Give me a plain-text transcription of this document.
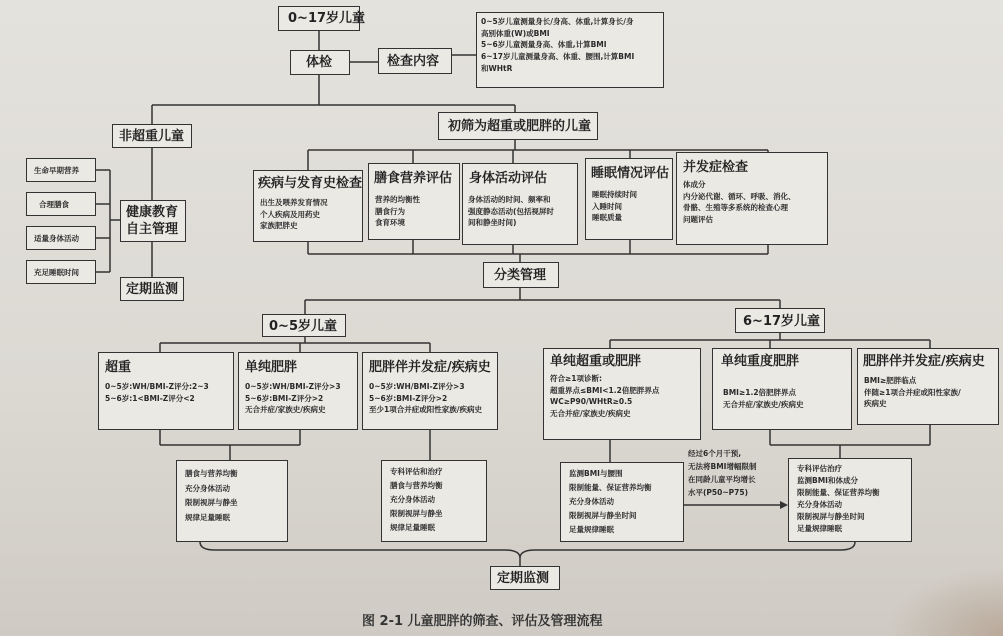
0~17岁儿童
体检	检查内容
0~5岁儿童测量身长/身高、体重,计算身长/身
高别体重(W)或BMI
5~6岁儿童测量身高、体重,计算BMI
6~17岁儿童测量身高、体重、腰围,计算BMI
和WHtR
非超重儿童
初筛为超重或肥胖的儿童
生命早期营养
合理膳食
适量身体活动
充足睡眠时间
健康教育
自主管理
定期监测
疾病与发育史检查
出生及喂养发育情况
个人疾病及用药史
家族肥胖史
膳食营养评估
营养的均衡性
膳食行为
食育环境
身体活动评估
身体活动的时间、频率和
强度静态活动(包括视屏时
间和静坐时间)
睡眠情况评估
睡眠持续时间
入睡时间
睡眠质量
并发症检查
体成分
内分泌代谢、循环、呼吸、消化、
骨骼、生殖等多系统的检查心理
问题评估
分类管理
0~5岁儿童	6~17岁儿童
超重
0~5岁:WH/BMI-Z评分:2~3
5~6岁:1<BMI-Z评分<2
单纯肥胖
0~5岁:WH/BMI-Z评分>3
5~6岁:BMI-Z评分>2
无合并症/家族史/疾病史
肥胖伴并发症/疾病史
0~5岁:WH/BMI-Z评分>3
5~6岁:BMI-Z评分>2
至少1项合并症或阳性家族/疾病史
单纯超重或肥胖
符合≥1项诊断:
超重界点≤BMI<1.2倍肥胖界点
WC≥P90/WHtR≥0.5
无合并症/家族史/疾病史
单纯重度肥胖
BMI≥1.2倍肥胖界点
无合并症/家族史/疾病史
肥胖伴并发症/疾病史
BMI≥肥胖临点
伴随≥1项合并症或阳性家族/
疾病史
膳食与营养均衡
充分身体活动
限制视屏与静坐
规律足量睡眠
专科评估和治疗
膳食与营养均衡
充分身体活动
限制视屏与静坐
规律足量睡眠
监测BMI与腰围
限制能量、保证营养均衡
充分身体活动
限制视屏与静坐时间
足量规律睡眠
专科评估治疗
监测BMI和体成分
限制能量、保证营养均衡
充分身体活动
限制视屏与静坐时间
足量规律睡眠
经过6个月干预,
无法将BMI增幅限制
在同龄儿童平均增长
水平(P50~P75)
定期监测
图 2-1 儿童肥胖的筛查、评估及管理流程
